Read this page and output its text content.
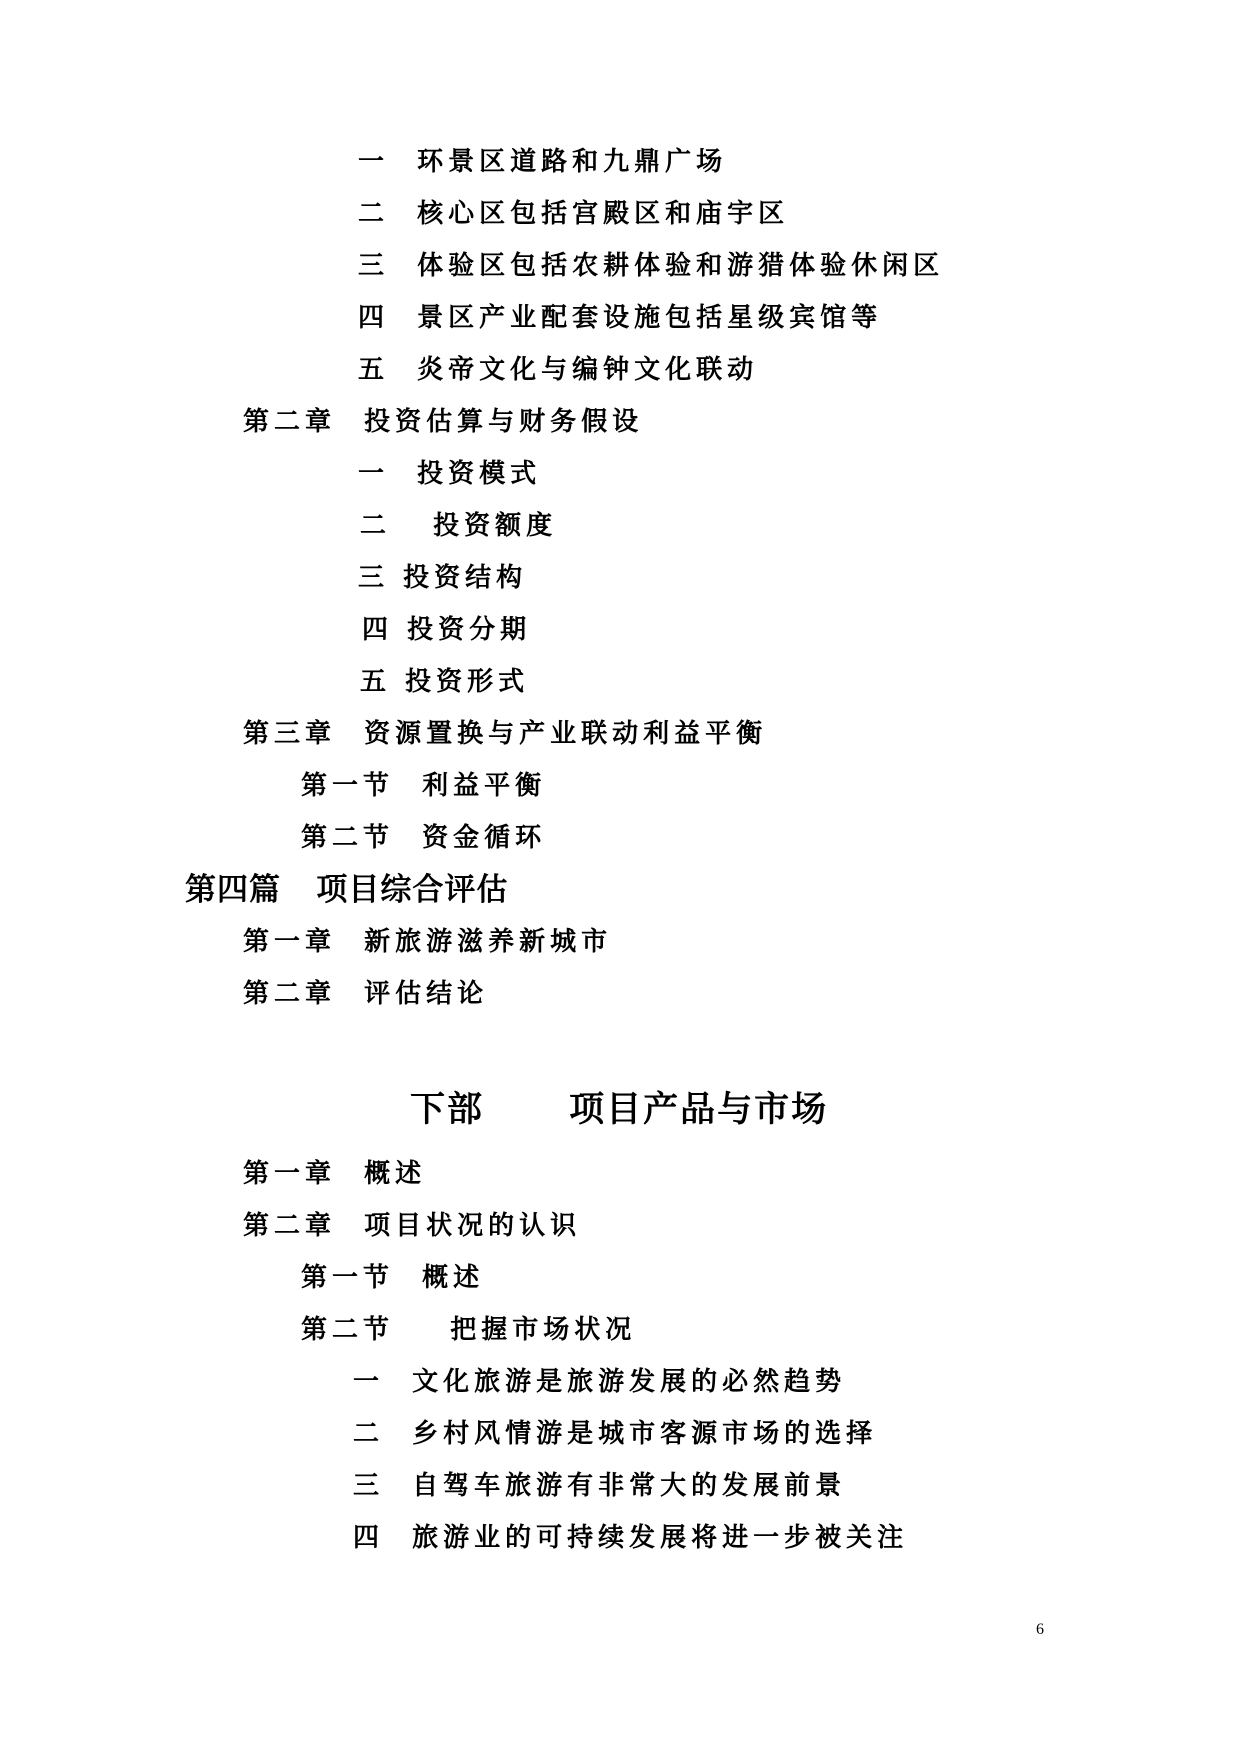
一 环景区道路和九鼎广场
二 核心区包括宫殿区和庙宇区
三 体验区包括农耕体验和游猎体验休闲区
四 景区产业配套设施包括星级宾馆等
五 炎帝文化与编钟文化联动
第二章 投资估算与财务假设
一 投资模式
二 投资额度
三 投资结构
四 投资分期
五 投资形式
第三章 资源置换与产业联动利益平衡
第一节 利益平衡
第二节 资金循环
第四篇 项目综合评估
第一章 新旅游滋养新城市
第二章 评估结论
下部 项目产品与市场
第一章 概述
第二章 项目状况的认识
第一节 概述
第二节 把握市场状况
一 文化旅游是旅游发展的必然趋势
二 乡村风情游是城市客源市场的选择
三 自驾车旅游有非常大的发展前景
四 旅游业的可持续发展将进一步被关注
6
